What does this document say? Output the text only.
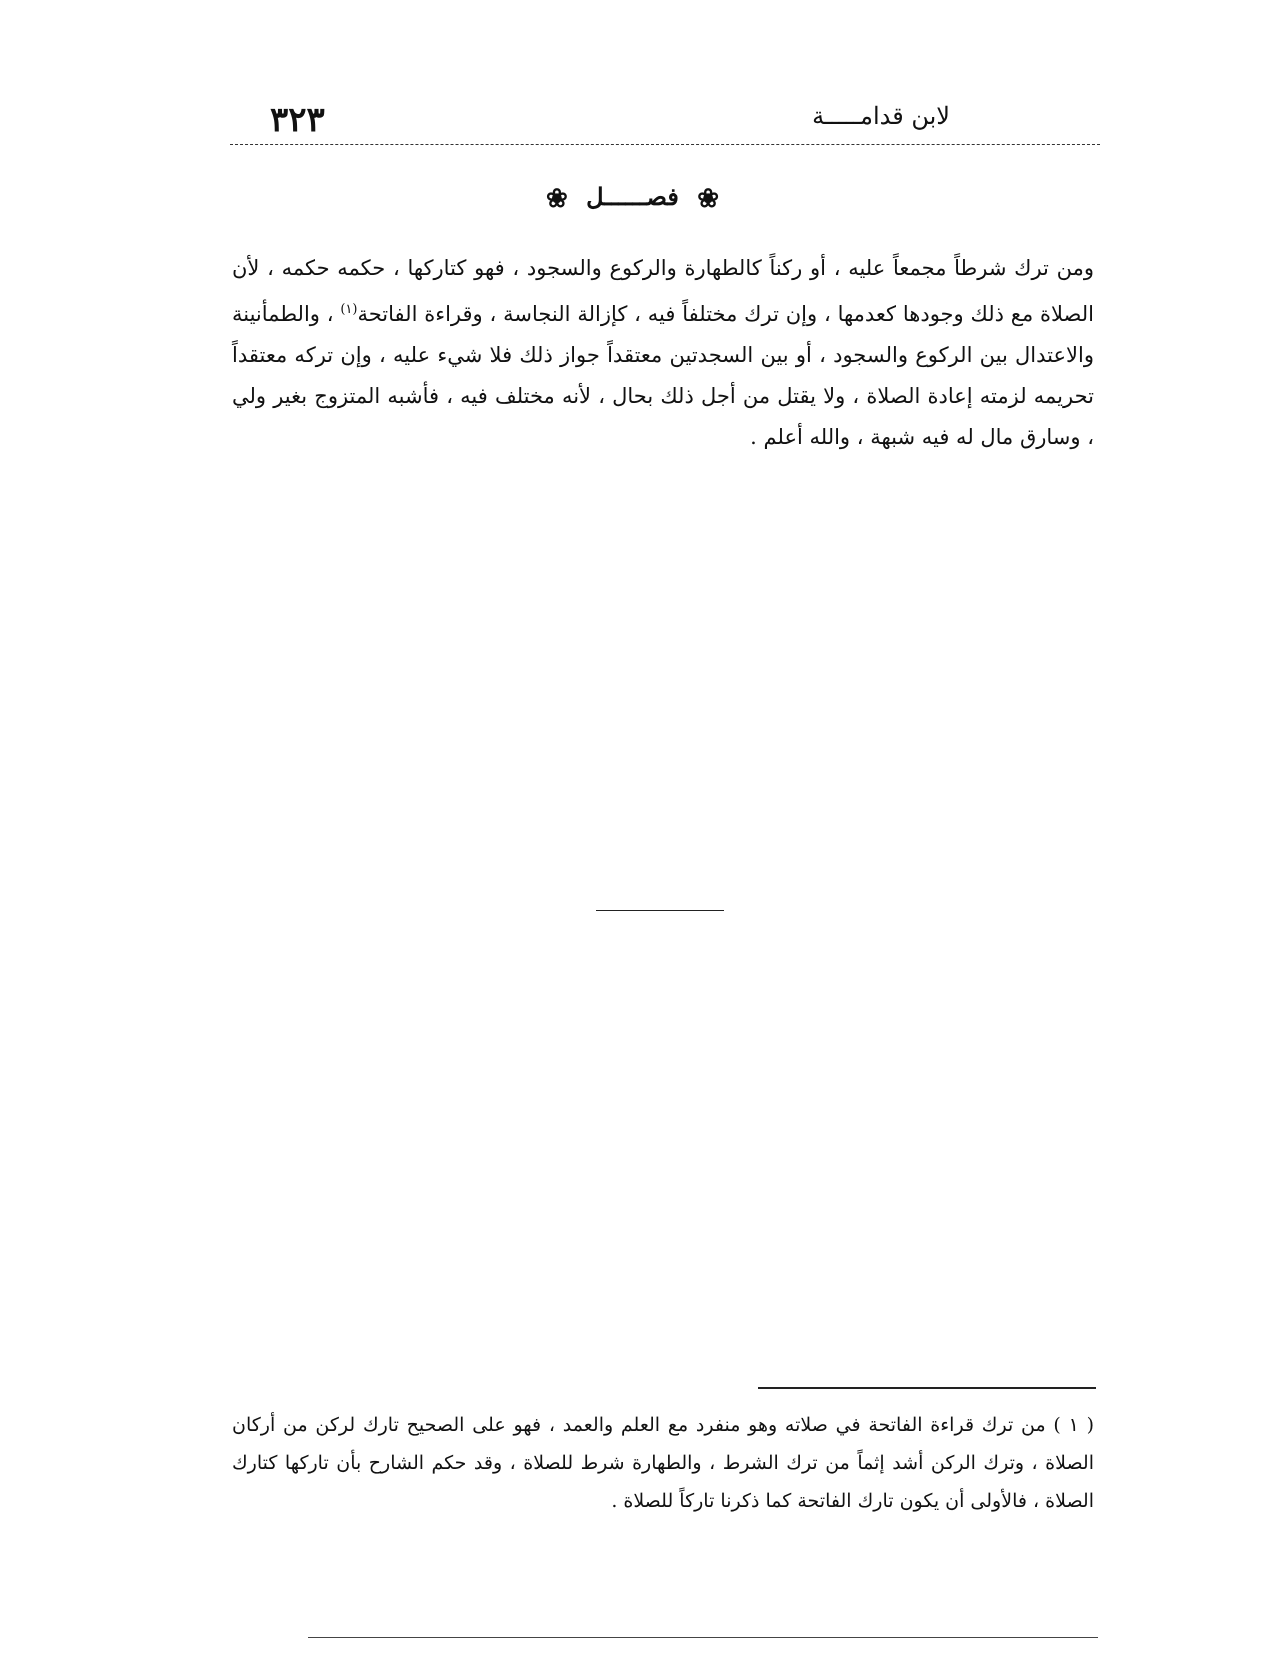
٣٢٣	لابن قدامـــــة
❀ فصــــــل ❀
ومن ترك شرطاً مجمعاً عليه ، أو ركناً كالطهارة والركوع والسجود ، فهو كتاركها ، حكمه حكمه ، لأن الصلاة مع ذلك وجودها كعدمها ، وإن ترك مختلفاً فيه ، كإزالة النجاسة ، وقراءة الفاتحة$^{(١)}$ ، والطمأنينة والاعتدال بين الركوع والسجود ، أو بين السجدتين معتقداً جواز ذلك فلا شيء عليه ، وإن تركه معتقداً تحريمه لزمته إعادة الصلاة ، ولا يقتل من أجل ذلك بحال ، لأنه مختلف فيه ، فأشبه المتزوج بغير ولي ، وسارق مال له فيه شبهة ، والله أعلم .
( ١ ) من ترك قراءة الفاتحة في صلاته وهو منفرد مع العلم والعمد ، فهو على الصحيح تارك لركن من أركان الصلاة ، وترك الركن أشد إثماً من ترك الشرط ، والطهارة شرط للصلاة ، وقد حكم الشارح بأن تاركها كتارك الصلاة ، فالأولى أن يكون تارك الفاتحة كما ذكرنا تاركاً للصلاة .
